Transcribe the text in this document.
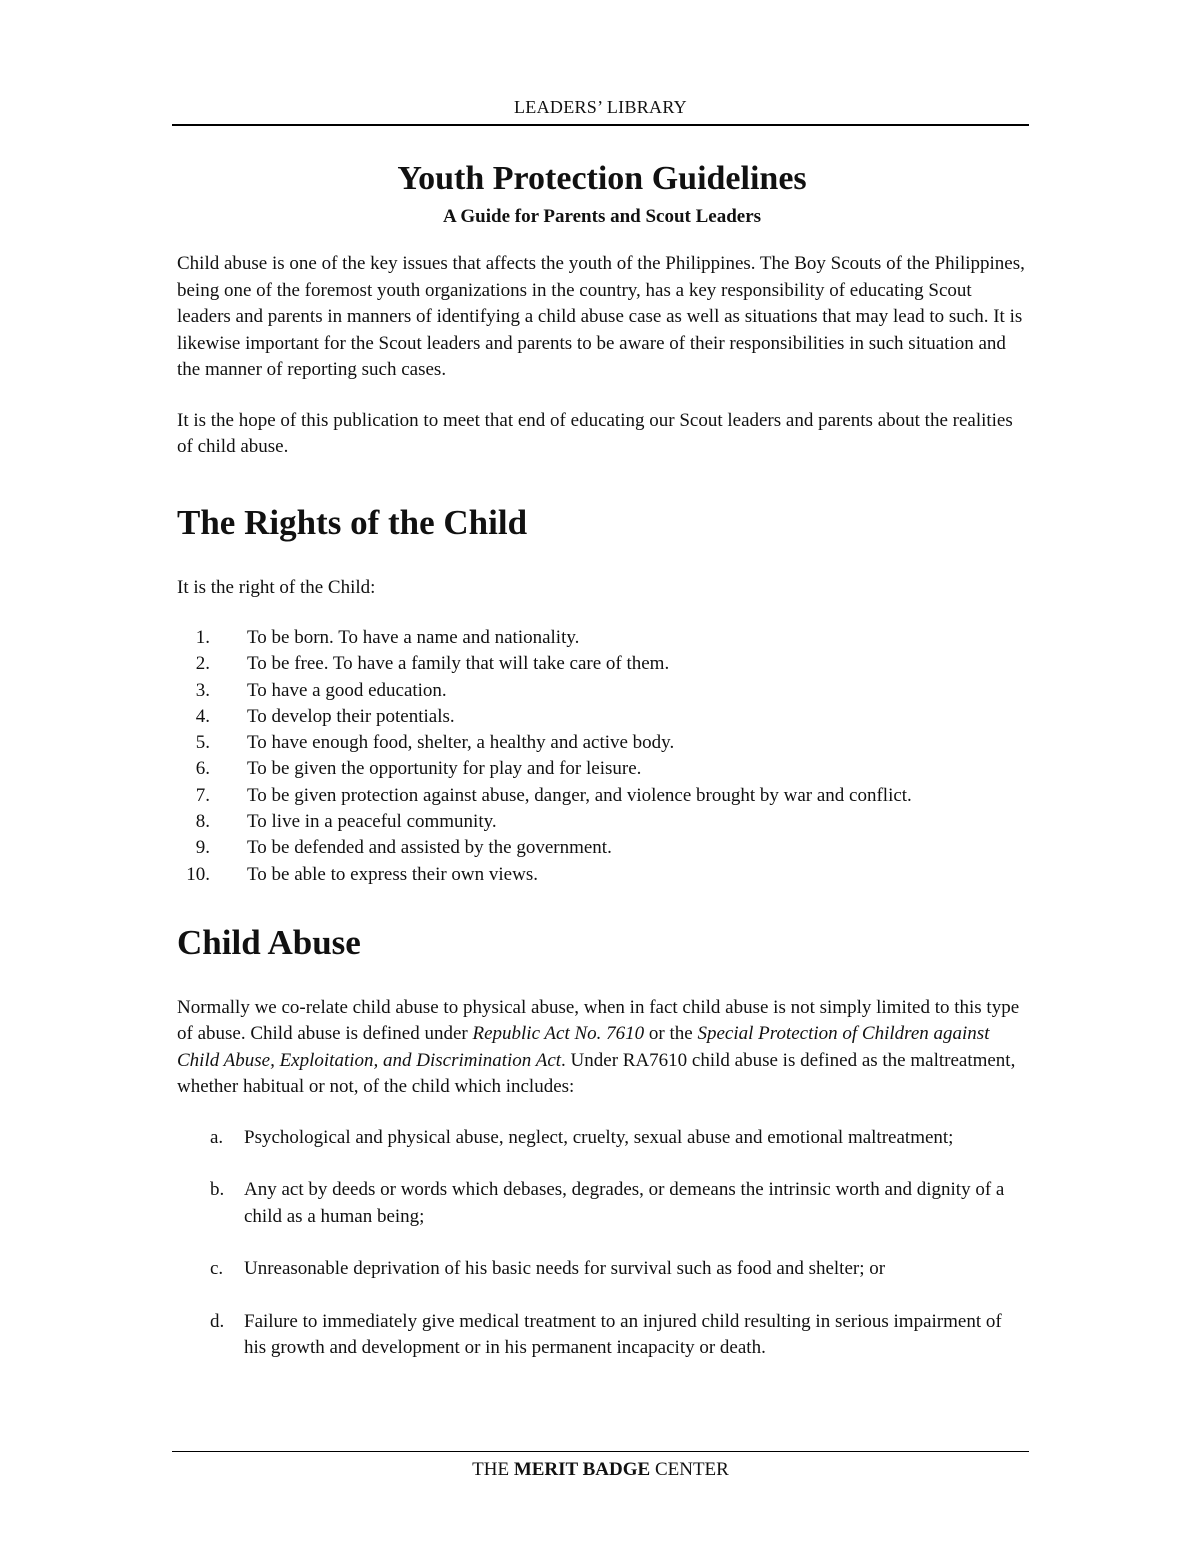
LEADERS’ LIBRARY
Youth Protection Guidelines
A Guide for Parents and Scout Leaders

Child abuse is one of the key issues that affects the youth of the Philippines. The Boy Scouts of the Philippines, being one of the foremost youth organizations in the country, has a key responsibility of educating Scout leaders and parents in manners of identifying a child abuse case as well as situations that may lead to such. It is likewise important for the Scout leaders and parents to be aware of their responsibilities in such situation and the manner of reporting such cases.

It is the hope of this publication to meet that end of educating our Scout leaders and parents about the realities of child abuse.

The Rights of the Child

It is the right of the Child:

1. To be born. To have a name and nationality.
2. To be free. To have a family that will take care of them.
3. To have a good education.
4. To develop their potentials.
5. To have enough food, shelter, a healthy and active body.
6. To be given the opportunity for play and for leisure.
7. To be given protection against abuse, danger, and violence brought by war and conflict.
8. To live in a peaceful community.
9. To be defended and assisted by the government.
10. To be able to express their own views.
Child Abuse

Normally we co-relate child abuse to physical abuse, when in fact child abuse is not simply limited to this type of abuse. Child abuse is defined under Republic Act No. 7610 or the Special Protection of Children against Child Abuse, Exploitation, and Discrimination Act. Under RA7610 child abuse is defined as the maltreatment, whether habitual or not, of the child which includes:

a.	Psychological and physical abuse, neglect, cruelty, sexual abuse and emotional maltreatment;
b.	Any act by deeds or words which debases, degrades, or demeans the intrinsic worth and dignity of a child as a human being;
c.	Unreasonable deprivation of his basic needs for survival such as food and shelter; or
d.	Failure to immediately give medical treatment to an injured child resulting in serious impairment of his growth and development or in his permanent incapacity or death.
THE MERIT BADGE CENTER
